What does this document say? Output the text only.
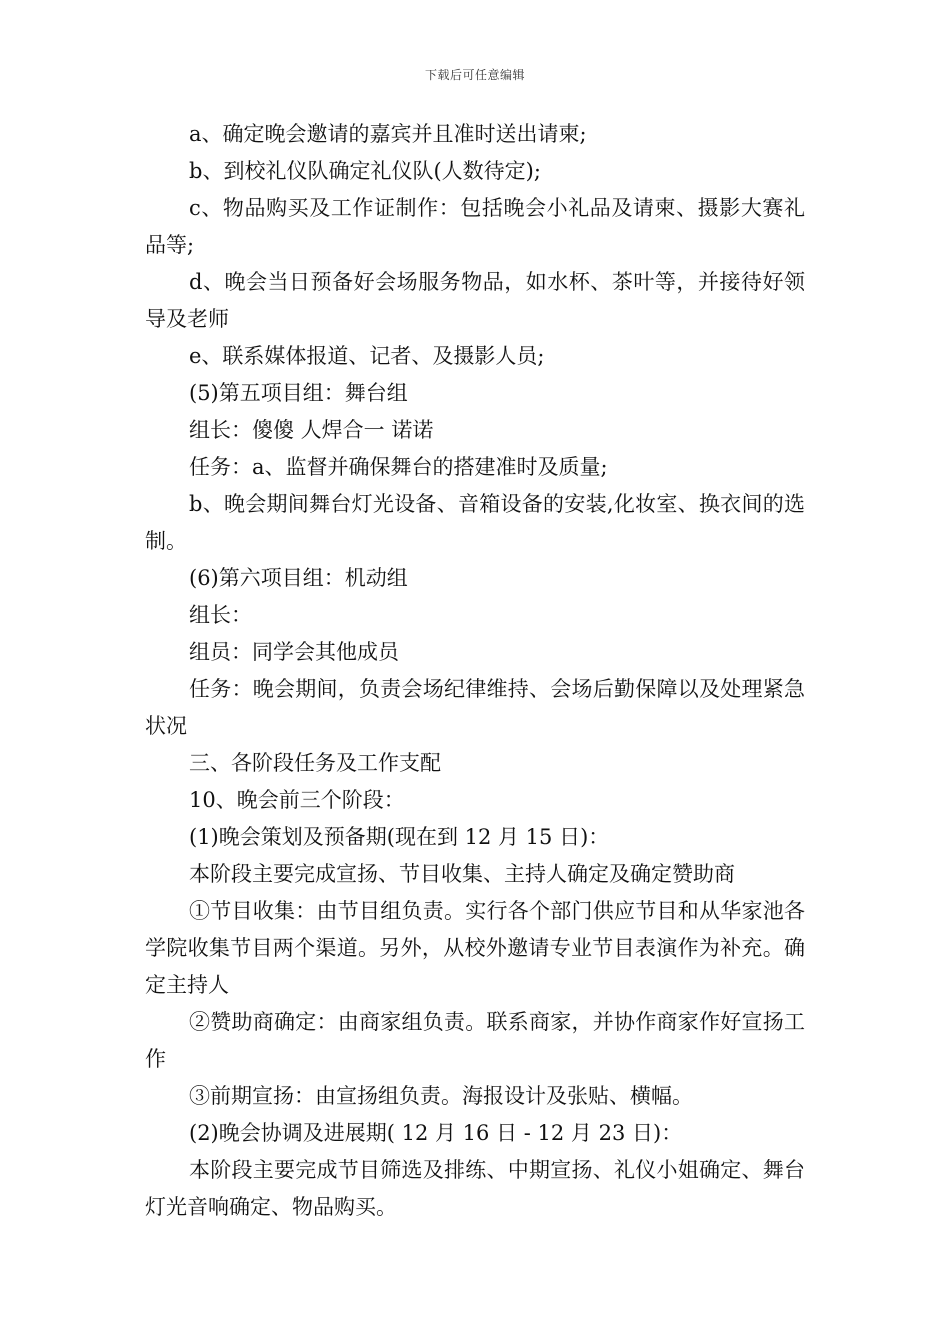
下载后可任意编辑

a、确定晚会邀请的嘉宾并且准时送出请柬;

b、到校礼仪队确定礼仪队(人数待定);

c、物品购买及工作证制作：包括晚会小礼品及请柬、摄影大赛礼品等;

d、晚会当日预备好会场服务物品，如水杯、茶叶等，并接待好领导及老师

e、联系媒体报道、记者、及摄影人员;

(5)第五项目组：舞台组

组长：傻傻 人焊合一 诺诺

任务：a、监督并确保舞台的搭建准时及质量;

b、晚会期间舞台灯光设备、音箱设备的安装,化妆室、换衣间的选制。

(6)第六项目组：机动组

组长：

组员：同学会其他成员

任务：晚会期间，负责会场纪律维持、会场后勤保障以及处理紧急状况

三、各阶段任务及工作支配

10、晚会前三个阶段：

(1)晚会策划及预备期(现在到 12 月 15 日)：

本阶段主要完成宣扬、节目收集、主持人确定及确定赞助商

①节目收集：由节目组负责。实行各个部门供应节目和从华家池各学院收集节目两个渠道。另外，从校外邀请专业节目表演作为补充。确定主持人

②赞助商确定：由商家组负责。联系商家，并协作商家作好宣扬工作

③前期宣扬：由宣扬组负责。海报设计及张贴、横幅。

(2)晚会协调及进展期( 12 月 16 日 - 12 月 23 日)：

本阶段主要完成节目筛选及排练、中期宣扬、礼仪小姐确定、舞台灯光音响确定、物品购买。
